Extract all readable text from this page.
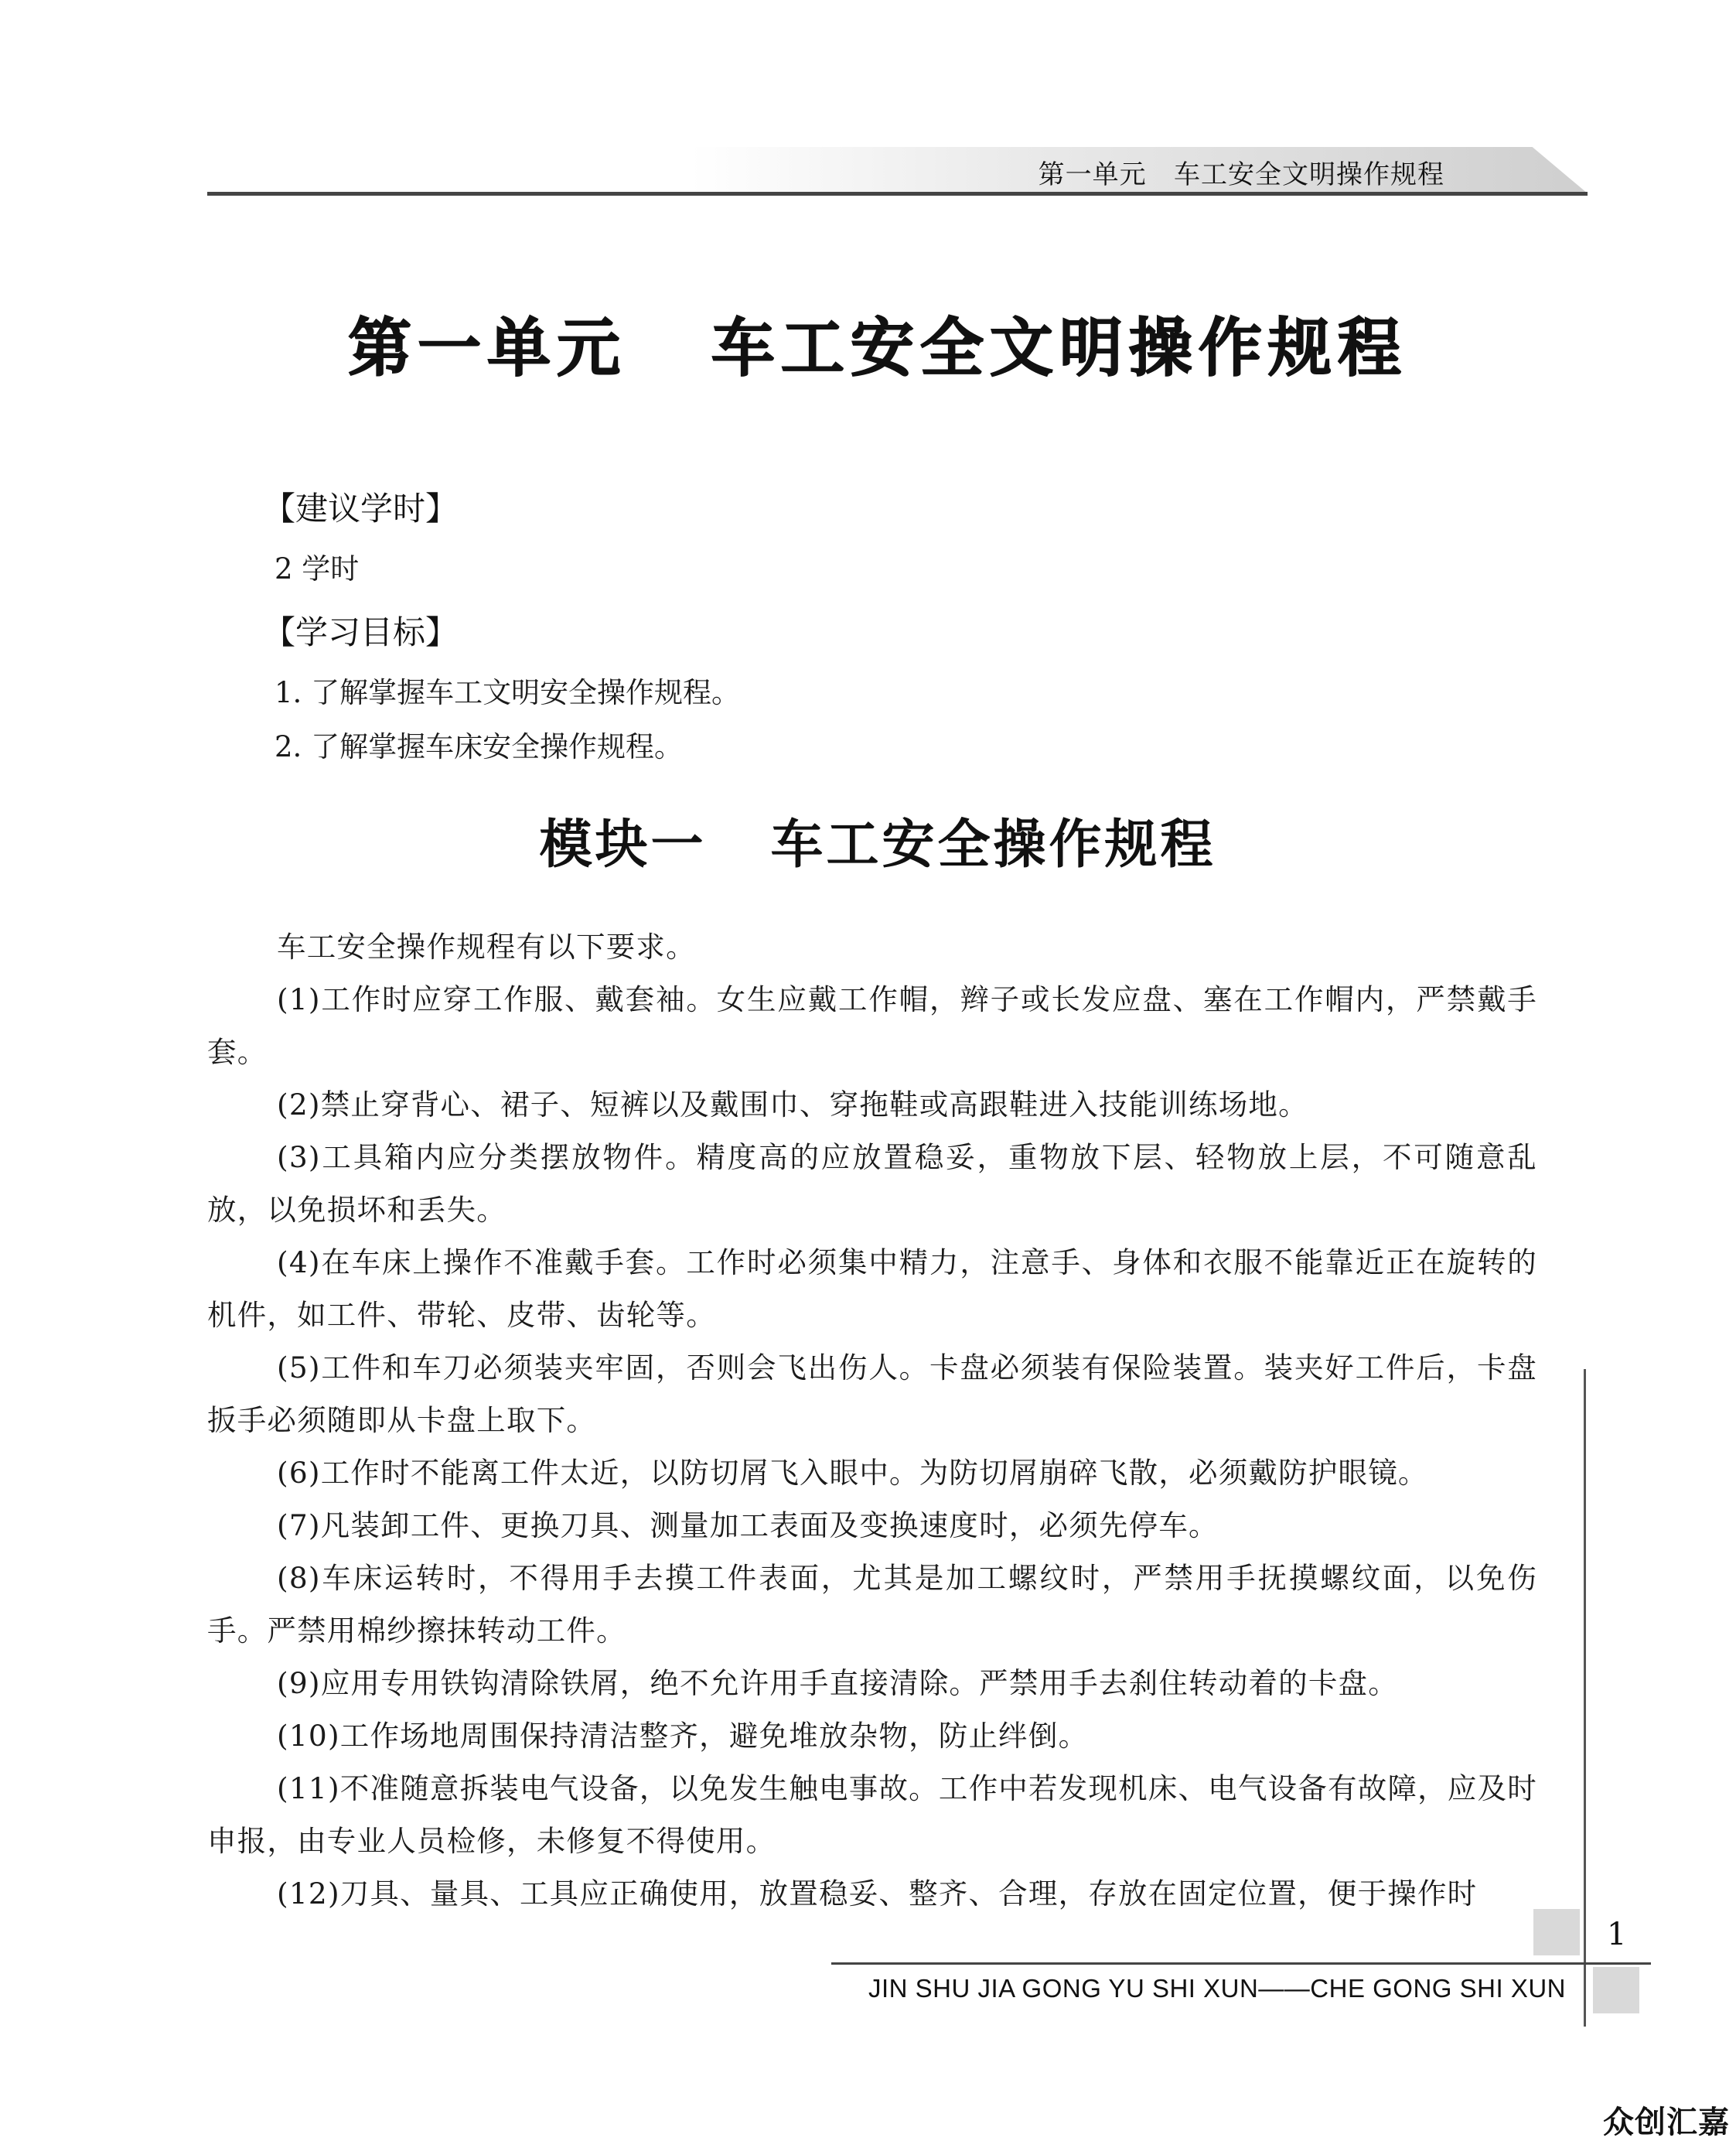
第一单元   车工安全文明操作规程
第一单元   车工安全文明操作规程
【建议学时】
2 学时
【学习目标】
1. 了解掌握车工文明安全操作规程。
2. 了解掌握车床安全操作规程。
模块一   车工安全操作规程

车工安全操作规程有以下要求。

(1)工作时应穿工作服、戴套袖。女生应戴工作帽，辫子或长发应盘、塞在工作帽内，严禁戴手套。

(2)禁止穿背心、裙子、短裤以及戴围巾、穿拖鞋或高跟鞋进入技能训练场地。

(3)工具箱内应分类摆放物件。精度高的应放置稳妥，重物放下层、轻物放上层，不可随意乱放，以免损坏和丢失。

(4)在车床上操作不准戴手套。工作时必须集中精力，注意手、身体和衣服不能靠近正在旋转的机件，如工件、带轮、皮带、齿轮等。

(5)工件和车刀必须装夹牢固，否则会飞出伤人。卡盘必须装有保险装置。装夹好工件后，卡盘扳手必须随即从卡盘上取下。

(6)工作时不能离工件太近，以防切屑飞入眼中。为防切屑崩碎飞散，必须戴防护眼镜。

(7)凡装卸工件、更换刀具、测量加工表面及变换速度时，必须先停车。

(8)车床运转时，不得用手去摸工件表面，尤其是加工螺纹时，严禁用手抚摸螺纹面，以免伤手。严禁用棉纱擦抹转动工件。

(9)应用专用铁钩清除铁屑，绝不允许用手直接清除。严禁用手去刹住转动着的卡盘。

(10)工作场地周围保持清洁整齐，避免堆放杂物，防止绊倒。

(11)不准随意拆装电气设备，以免发生触电事故。工作中若发现机床、电气设备有故障，应及时申报，由专业人员检修，未修复不得使用。

(12)刀具、量具、工具应正确使用，放置稳妥、整齐、合理，存放在固定位置，便于操作时

1
JIN SHU JIA GONG YU SHI XUN——CHE GONG SHI XUN
众创汇嘉
